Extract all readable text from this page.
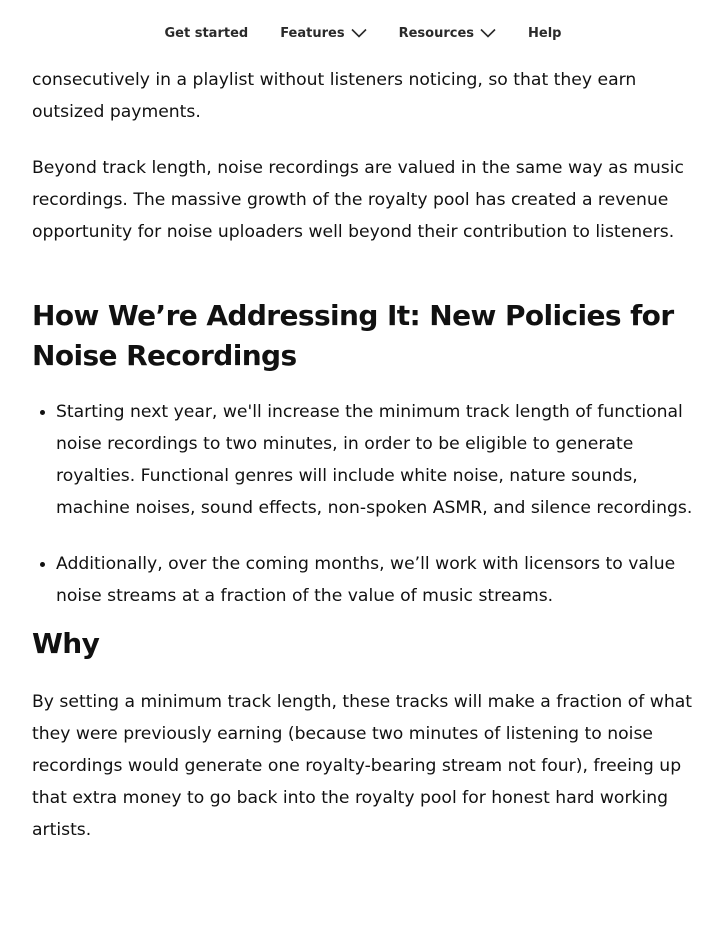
Get started Features	Resources	Help

consecutively in a playlist without listeners noticing, so that they earn outsized payments.

Beyond track length, noise recordings are valued in the same way as music recordings. The massive growth of the royalty pool has created a revenue opportunity for noise uploaders well beyond their contribution to listeners.

How We’re Addressing It: New Policies for Noise Recordings
Starting next year, we'll increase the minimum track length of functional noise recordings to two minutes, in order to be eligible to generate royalties. Functional genres will include white noise, nature sounds, machine noises, sound effects, non-spoken ASMR, and silence recordings.
Additionally, over the coming months, we’ll work with licensors to value noise streams at a fraction of the value of music streams.
Why

By setting a minimum track length, these tracks will make a fraction of what they were previously earning (because two minutes of listening to noise recordings would generate one royalty-bearing stream not four), freeing up that extra money to go back into the royalty pool for honest hard working artists.
